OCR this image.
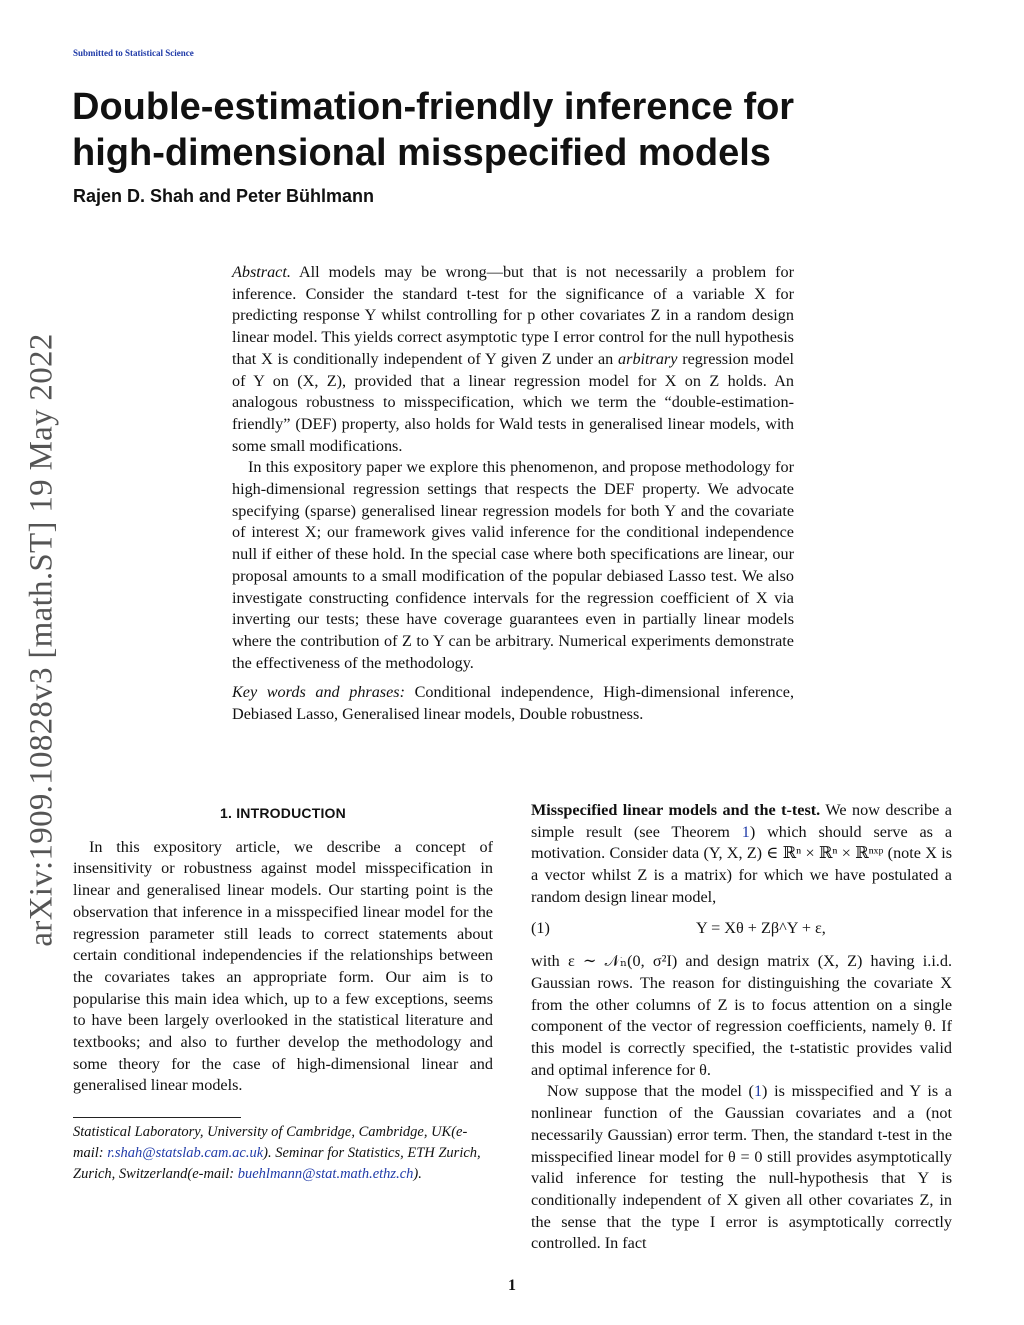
Submitted to Statistical Science
Double-estimation-friendly inference for
high-dimensional misspecified models
Rajen D. Shah and Peter Bühlmann
arXiv:1909.10828v3 [math.ST] 19 May 2022

Abstract. All models may be wrong—but that is not necessarily a problem for inference. Consider the standard t-test for the significance of a variable X for predicting response Y whilst controlling for p other covariates Z in a random design linear model. This yields correct asymptotic type I error control for the null hypothesis that X is conditionally independent of Y given Z under an arbitrary regression model of Y on (X, Z), provided that a linear regression model for X on Z holds. An analogous robustness to misspecification, which we term the “double-estimation-friendly” (DEF) property, also holds for Wald tests in generalised linear models, with some small modifications.

In this expository paper we explore this phenomenon, and propose methodology for high-dimensional regression settings that respects the DEF property. We advocate specifying (sparse) generalised linear regression models for both Y and the covariate of interest X; our framework gives valid inference for the conditional independence null if either of these hold. In the special case where both specifications are linear, our proposal amounts to a small modification of the popular debiased Lasso test. We also investigate constructing confidence intervals for the regression coefficient of X via inverting our tests; these have coverage guarantees even in partially linear models where the contribution of Z to Y can be arbitrary. Numerical experiments demonstrate the effectiveness of the methodology.

Key words and phrases: Conditional independence, High-dimensional inference, Debiased Lasso, Generalised linear models, Double robustness.

1. INTRODUCTION

In this expository article, we describe a concept of insensitivity or robustness against model misspecification in linear and generalised linear models. Our starting point is the observation that inference in a misspecified linear model for the regression parameter still leads to correct statements about certain conditional independencies if the relationships between the covariates takes an appropriate form. Our aim is to popularise this main idea which, up to a few exceptions, seems to have been largely overlooked in the statistical literature and textbooks; and also to further develop the methodology and some theory for the case of high-dimensional linear and generalised linear models.

Statistical Laboratory, University of Cambridge, Cambridge, UK(e-mail: r.shah@statslab.cam.ac.uk). Seminar for Statistics, ETH Zurich, Zurich, Switzerland(e-mail: buehlmann@stat.math.ethz.ch).

Misspecified linear models and the t-test. We now describe a simple result (see Theorem 1) which should serve as a motivation. Consider data (Y, X, Z) ∈ ℝⁿ × ℝⁿ × ℝⁿˣᵖ (note X is a vector whilst Z is a matrix) for which we have postulated a random design linear model,

(1)	Y = Xθ + Zβ^Y + ε,

with ε ∼ 𝒩ₙ(0, σ²I) and design matrix (X, Z) having i.i.d. Gaussian rows. The reason for distinguishing the covariate X from the other columns of Z is to focus attention on a single component of the vector of regression coefficients, namely θ. If this model is correctly specified, the t-statistic provides valid and optimal inference for θ.

Now suppose that the model (1) is misspecified and Y is a nonlinear function of the Gaussian covariates and a (not necessarily Gaussian) error term. Then, the standard t-test in the misspecified linear model for θ = 0 still provides asymptotically valid inference for testing the null-hypothesis that Y is conditionally independent of X given all other covariates Z, in the sense that the type I error is asymptotically correctly controlled. In fact

1
